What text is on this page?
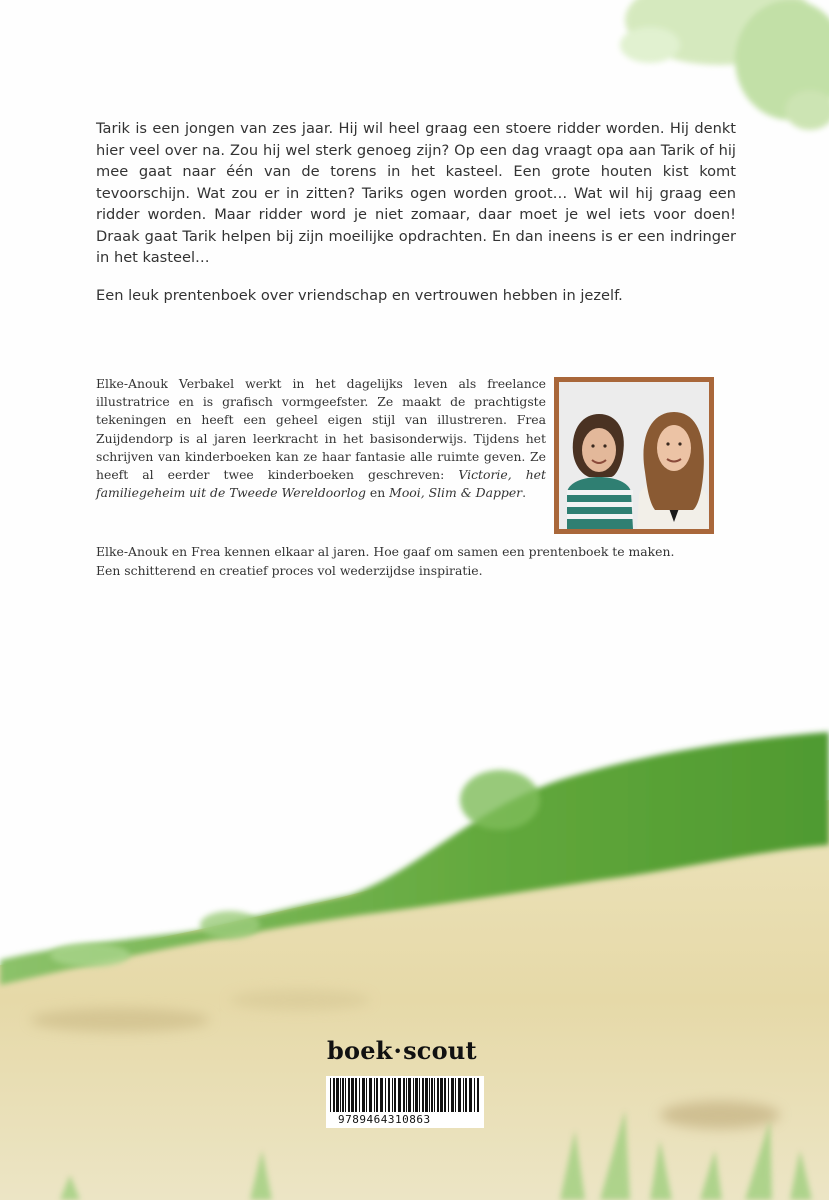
Tarik is een jongen van zes jaar. Hij wil heel graag een stoere ridder worden. Hij denkt hier veel over na. Zou hij wel sterk genoeg zijn? Op een dag vraagt opa aan Tarik of hij mee gaat naar één van de torens in het kasteel. Een grote houten kist komt tevoorschijn. Wat zou er in zitten? Tariks ogen worden groot… Wat wil hij graag een ridder worden. Maar ridder word je niet zomaar, daar moet je wel iets voor doen! Draak gaat Tarik helpen bij zijn moeilijke opdrachten. En dan ineens is er een indringer in het kasteel…

Een leuk prentenboek over vriendschap en vertrouwen hebben in jezelf.
Elke-Anouk Verbakel werkt in het dagelijks leven als freelance illustratrice en is grafisch vormgeefster. Ze maakt de prachtigste tekeningen en heeft een geheel eigen stijl van illustreren. Frea Zuijdendorp is al jaren leerkracht in het basisonderwijs. Tijdens het schrijven van kinderboeken kan ze haar fantasie alle ruimte geven. Ze heeft al eerder twee kinderboeken geschreven: Victorie, het familiegeheim uit de Tweede Wereldoorlog en Mooi, Slim & Dapper.

Elke-Anouk en Frea kennen elkaar al jaren. Hoe gaaf om samen een prentenboek te maken.

Een schitterend en creatief proces vol wederzijdse inspiratie.

boek·scout
9789464310863
